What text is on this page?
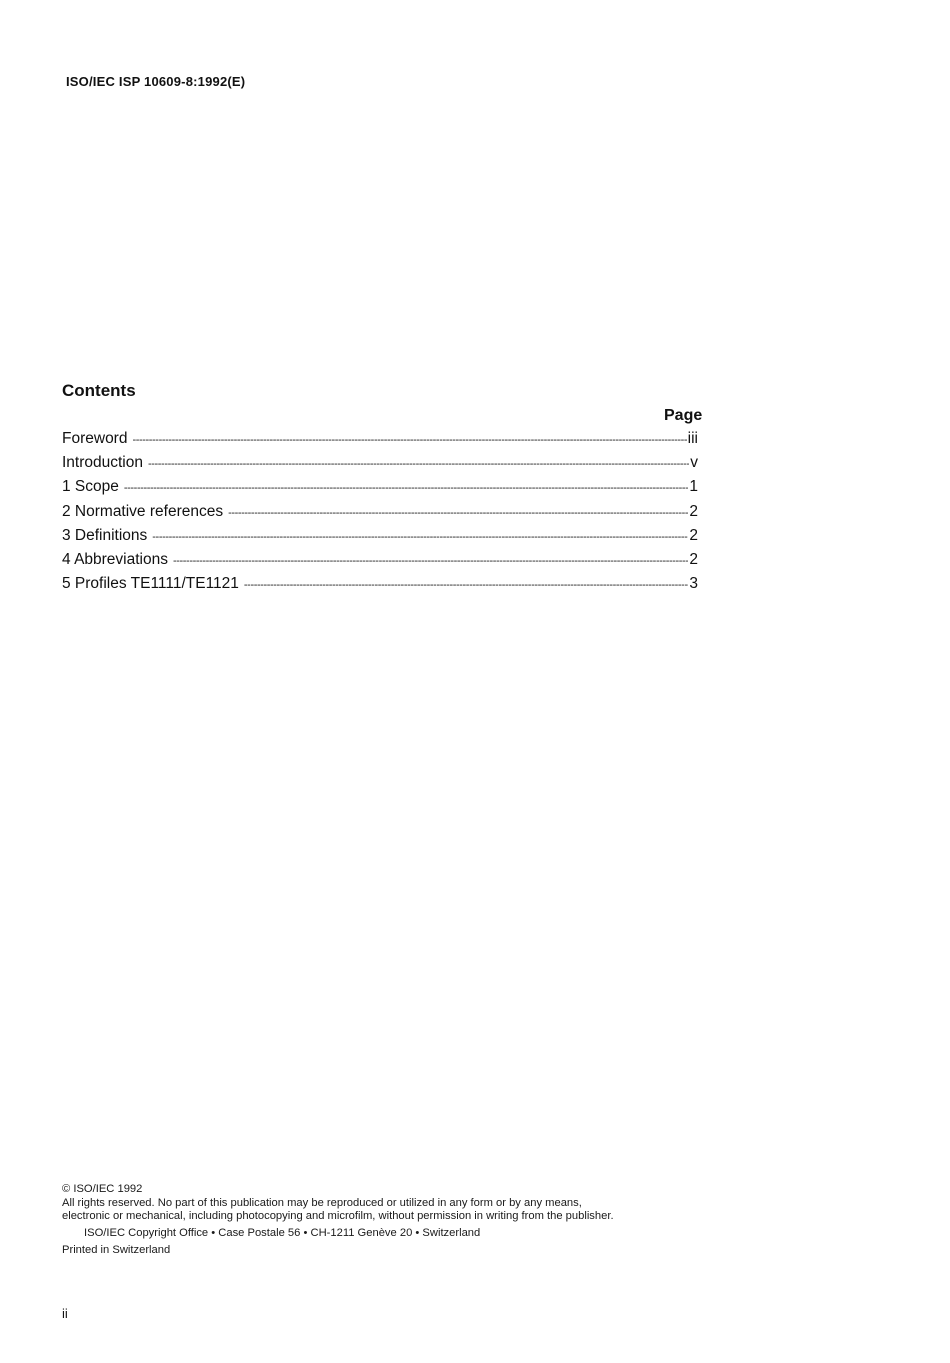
ISO/IEC ISP 10609-8:1992(E)
Contents
Page
Foreword -----	iii
Introduction -----	v
1 Scope -----	1
2 Normative references -----	2
3 Definitions -----	2
4 Abbreviations -----	2
5 Profiles TE1111/TE1121 -----	3

© ISO/IEC 1992

All rights reserved. No part of this publication may be reproduced or utilized in any form or by any means, electronic or mechanical, including photocopying and microfilm, without permission in writing from the publisher.

ISO/IEC Copyright Office • Case Postale 56 • CH-1211 Genève 20 • Switzerland

Printed in Switzerland

ii
